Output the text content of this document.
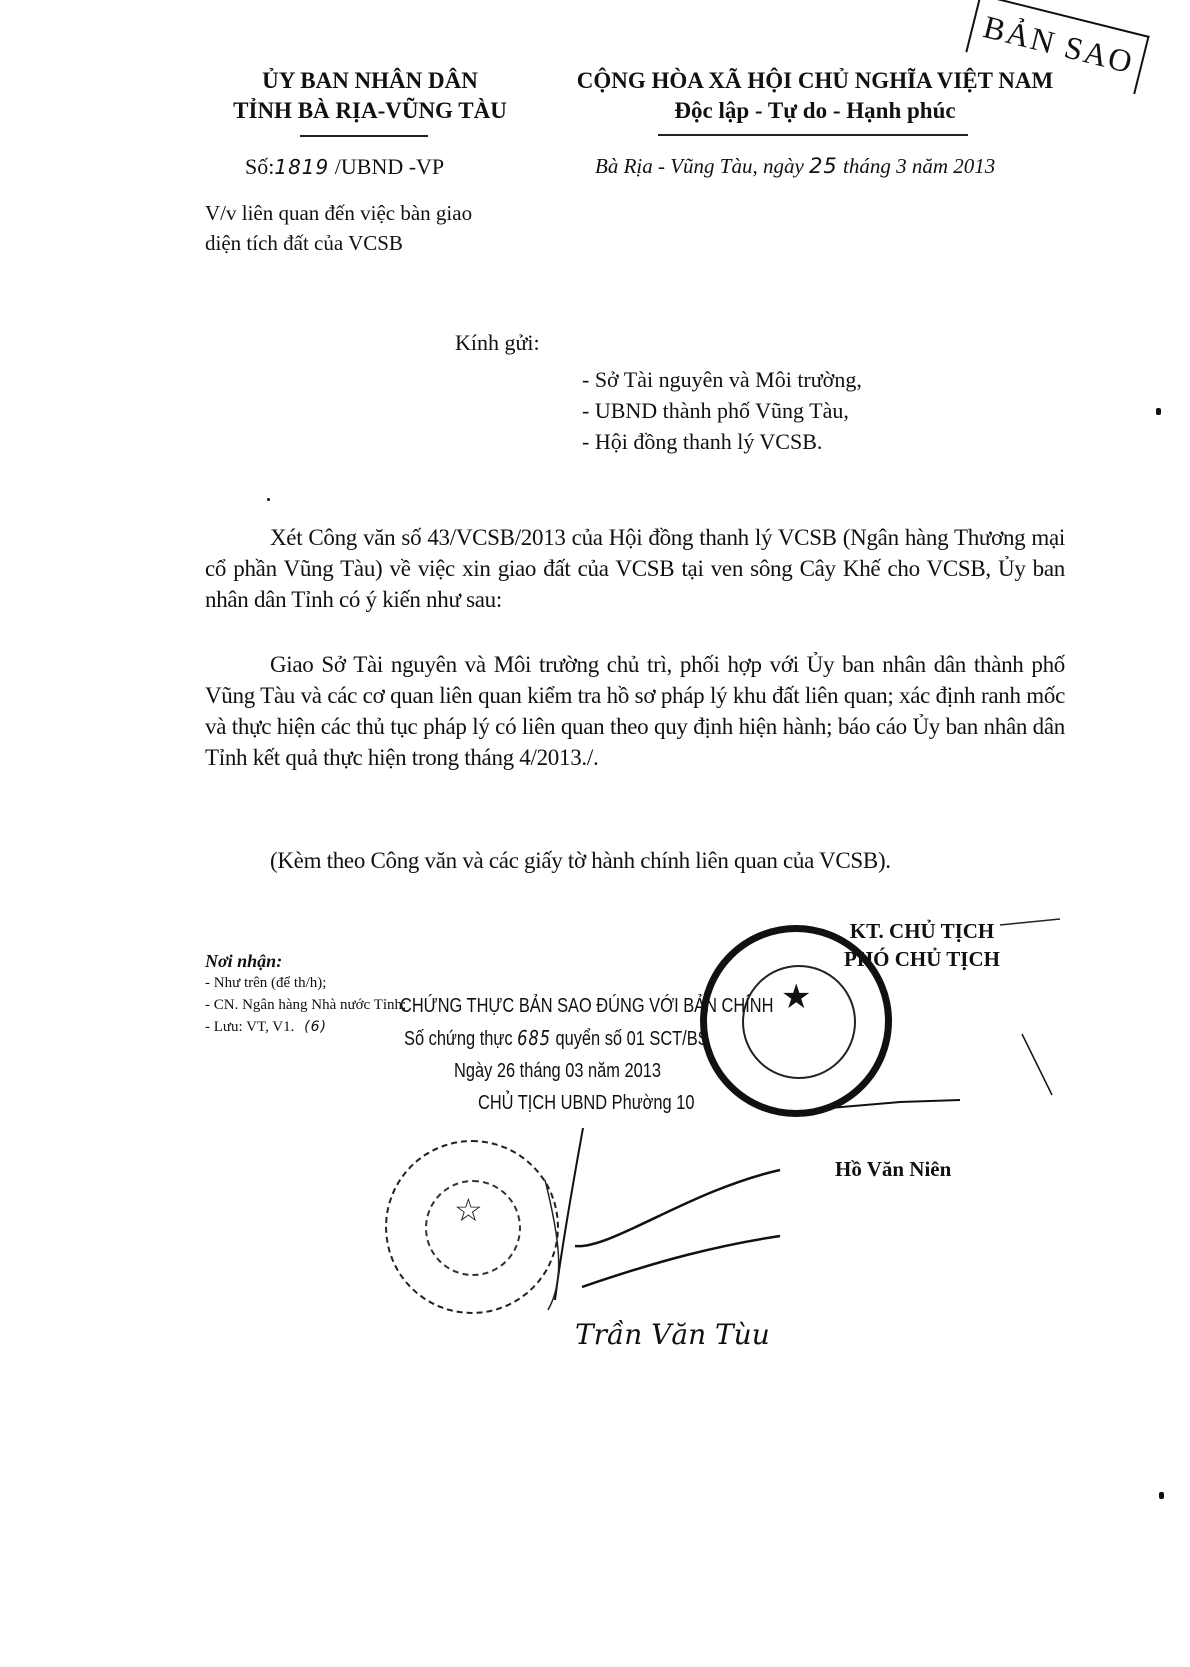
ỦY BAN NHÂN DÂN
TỈNH BÀ RỊA-VŨNG TÀU
Số:1819 /UBND -VP
V/v liên quan đến việc bàn giao
diện tích đất của VCSB
CỘNG HÒA XÃ HỘI CHỦ NGHĨA VIỆT NAM
Độc lập - Tự do - Hạnh phúc
Bà Rịa - Vũng Tàu, ngày 25 tháng 3 năm 2013
BẢN SAO
Kính gửi:
- Sở Tài nguyên và Môi trường,
- UBND thành phố Vũng Tàu,
- Hội đồng thanh lý VCSB.
Xét Công văn số 43/VCSB/2013 của Hội đồng thanh lý VCSB (Ngân hàng Thương mại cổ phần Vũng Tàu) về việc xin giao đất của VCSB tại ven sông Cây Khế cho VCSB, Ủy ban nhân dân Tỉnh có ý kiến như sau:
Giao Sở Tài nguyên và Môi trường chủ trì, phối hợp với Ủy ban nhân dân thành phố Vũng Tàu và các cơ quan liên quan kiểm tra hồ sơ pháp lý khu đất liên quan; xác định ranh mốc và thực hiện các thủ tục pháp lý có liên quan theo quy định hiện hành; báo cáo Ủy ban nhân dân Tỉnh kết quả thực hiện trong tháng 4/2013./.
(Kèm theo Công văn và các giấy tờ hành chính liên quan của VCSB).
★
☆
KT. CHỦ TỊCH
PHÓ CHỦ TỊCH
Hồ Văn Niên
Nơi nhận:
- Như trên (để th/h);
- CN. Ngân hàng Nhà nước Tỉnh;
- Lưu: VT, V1. (6)
CHỨNG THỰC BẢN SAO ĐÚNG VỚI BẢN CHÍNH
Số chứng thực 685 quyển số 01 SCT/BS
Ngày 26 tháng 03 năm 2013
CHỦ TỊCH UBND Phường 10
Trần Văn Tùu
